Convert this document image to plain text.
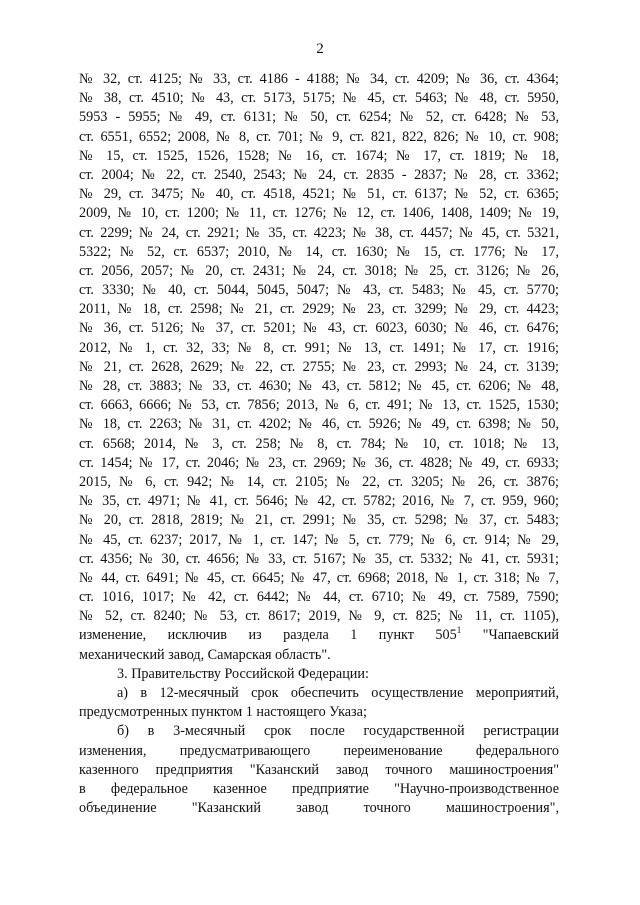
2
№ 32, ст. 4125; № 33, ст. 4186 - 4188; № 34, ст. 4209; № 36, ст. 4364;
№ 38, ст. 4510; № 43, ст. 5173, 5175; № 45, ст. 5463; № 48, ст. 5950,
5953 - 5955; № 49, ст. 6131; № 50, ст. 6254; № 52, ст. 6428; № 53,
ст. 6551, 6552; 2008, № 8, ст. 701; № 9, ст. 821, 822, 826; № 10, ст. 908;
№ 15, ст. 1525, 1526, 1528; № 16, ст. 1674; № 17, ст. 1819; № 18,
ст. 2004; № 22, ст. 2540, 2543; № 24, ст. 2835 - 2837; № 28, ст. 3362;
№ 29, ст. 3475; № 40, ст. 4518, 4521; № 51, ст. 6137; № 52, ст. 6365;
2009, № 10, ст. 1200; № 11, ст. 1276; № 12, ст. 1406, 1408, 1409; № 19,
ст. 2299; № 24, ст. 2921; № 35, ст. 4223; № 38, ст. 4457; № 45, ст. 5321,
5322; № 52, ст. 6537; 2010, № 14, ст. 1630; № 15, ст. 1776; № 17,
ст. 2056, 2057; № 20, ст. 2431; № 24, ст. 3018; № 25, ст. 3126; № 26,
ст. 3330; № 40, ст. 5044, 5045, 5047; № 43, ст. 5483; № 45, ст. 5770;
2011, № 18, ст. 2598; № 21, ст. 2929; № 23, ст. 3299; № 29, ст. 4423;
№ 36, ст. 5126; № 37, ст. 5201; № 43, ст. 6023, 6030; № 46, ст. 6476;
2012, № 1, ст. 32, 33; № 8, ст. 991; № 13, ст. 1491; № 17, ст. 1916;
№ 21, ст. 2628, 2629; № 22, ст. 2755; № 23, ст. 2993; № 24, ст. 3139;
№ 28, ст. 3883; № 33, ст. 4630; № 43, ст. 5812; № 45, ст. 6206; № 48,
ст. 6663, 6666; № 53, ст. 7856; 2013, № 6, ст. 491; № 13, ст. 1525, 1530;
№ 18, ст. 2263; № 31, ст. 4202; № 46, ст. 5926; № 49, ст. 6398; № 50,
ст. 6568; 2014, № 3, ст. 258; № 8, ст. 784; № 10, ст. 1018; № 13,
ст. 1454; № 17, ст. 2046; № 23, ст. 2969; № 36, ст. 4828; № 49, ст. 6933;
2015, № 6, ст. 942; № 14, ст. 2105; № 22, ст. 3205; № 26, ст. 3876;
№ 35, ст. 4971; № 41, ст. 5646; № 42, ст. 5782; 2016, № 7, ст. 959, 960;
№ 20, ст. 2818, 2819; № 21, ст. 2991; № 35, ст. 5298; № 37, ст. 5483;
№ 45, ст. 6237; 2017, № 1, ст. 147; № 5, ст. 779; № 6, ст. 914; № 29,
ст. 4356; № 30, ст. 4656; № 33, ст. 5167; № 35, ст. 5332; № 41, ст. 5931;
№ 44, ст. 6491; № 45, ст. 6645; № 47, ст. 6968; 2018, № 1, ст. 318; № 7,
ст. 1016, 1017; № 42, ст. 6442; № 44, ст. 6710; № 49, ст. 7589, 7590;
№ 52, ст. 8240; № 53, ст. 8617; 2019, № 9, ст. 825; № 11, ст. 1105),
изменение, исключив из раздела 1 пункт $505^1$ "Чапаевский
механический завод, Самарская область".
3. Правительству Российской Федерации:
а) в 12-месячный срок обеспечить осуществление мероприятий,
предусмотренных пунктом 1 настоящего Указа;
б) в 3-месячный срок после государственной регистрации
изменения, предусматривающего переименование федерального
казенного предприятия "Казанский завод точного машиностроения"
в федеральное казенное предприятие "Научно-производственное
объединение "Казанский завод точного машиностроения",
